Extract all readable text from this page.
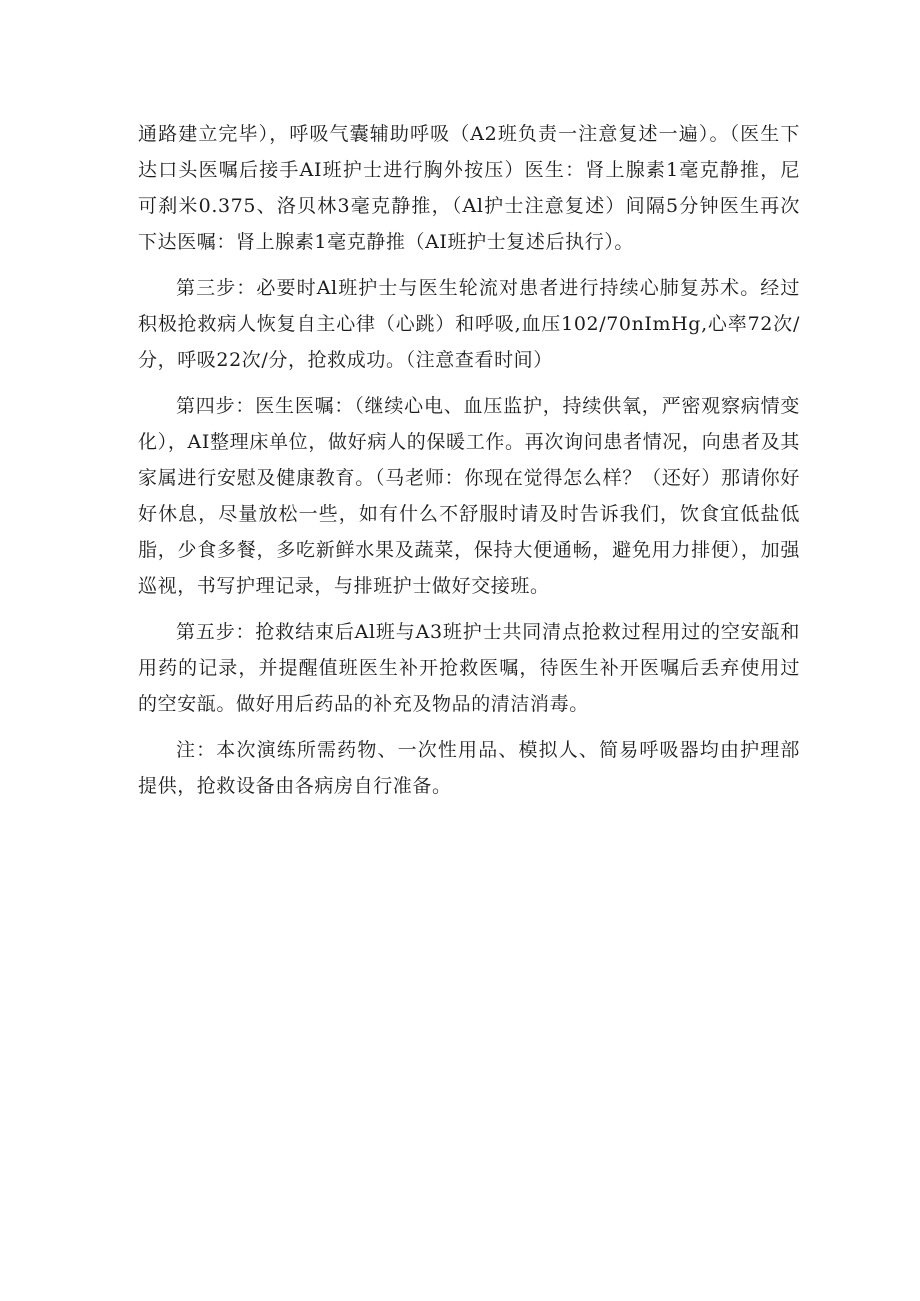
通路建立完毕），呼吸气囊辅助呼吸（A2班负责一注意复述一遍）。（医生下达口头医嘱后接手AI班护士进行胸外按压）医生：肾上腺素1毫克静推，尼可刹米0.375、洛贝林3毫克静推，（Al护士注意复述）间隔5分钟医生再次下达医嘱：肾上腺素1毫克静推（AI班护士复述后执行）。

第三步：必要时Al班护士与医生轮流对患者进行持续心肺复苏术。经过积极抢救病人恢复自主心律（心跳）和呼吸,血压102/70nImHg,心率72次/分，呼吸22次/分，抢救成功。（注意查看时间）

第四步：医生医嘱：（继续心电、血压监护，持续供氧，严密观察病情变化），AI整理床单位，做好病人的保暖工作。再次询问患者情况，向患者及其家属进行安慰及健康教育。（马老师：你现在觉得怎么样？（还好）那请你好好休息，尽量放松一些，如有什么不舒服时请及时告诉我们，饮食宜低盐低脂，少食多餐，多吃新鲜水果及蔬菜，保持大便通畅，避免用力排便），加强巡视，书写护理记录，与排班护士做好交接班。

第五步：抢救结束后Al班与A3班护士共同清点抢救过程用过的空安瓿和用药的记录，并提醒值班医生补开抢救医嘱，待医生补开医嘱后丢弃使用过的空安瓿。做好用后药品的补充及物品的清洁消毒。

注：本次演练所需药物、一次性用品、模拟人、简易呼吸器均由护理部提供，抢救设备由各病房自行准备。
